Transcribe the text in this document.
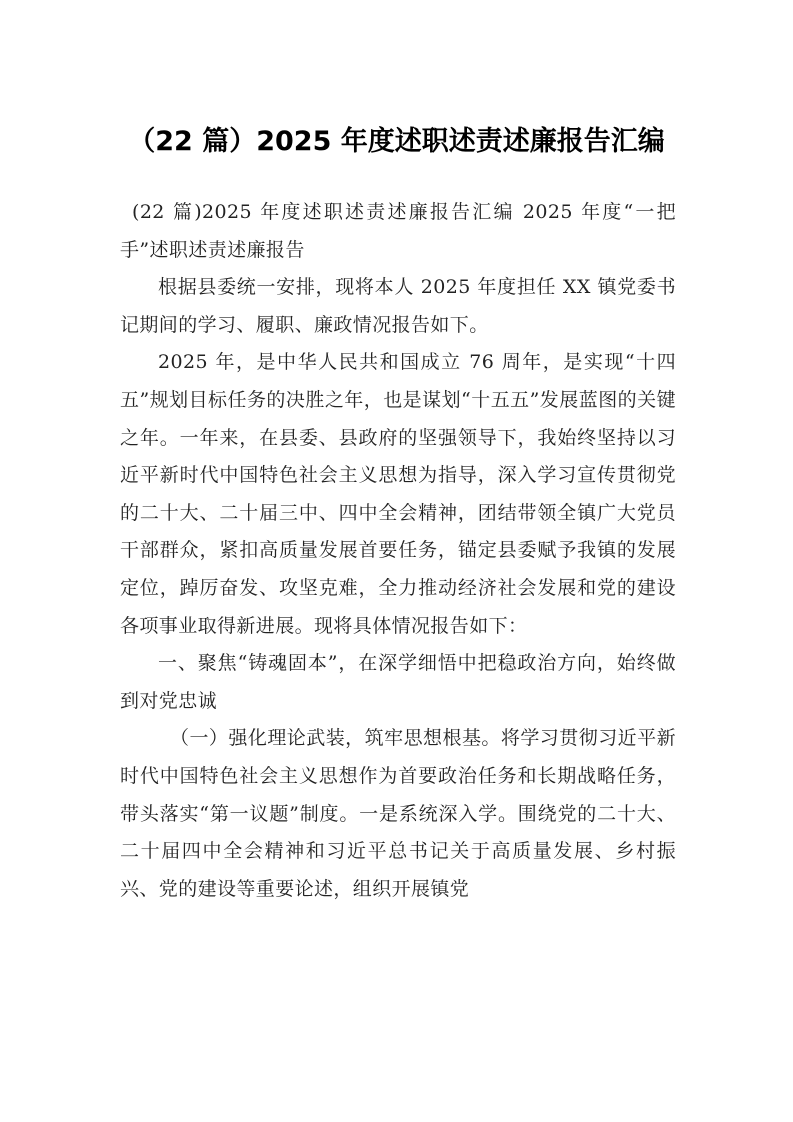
（22 篇）2025 年度述职述责述廉报告汇编

(22 篇)2025 年度述职述责述廉报告汇编 2025 年度“一把手”述职述责述廉报告

根据县委统一安排，现将本人 2025 年度担任 XX 镇党委书记期间的学习、履职、廉政情况报告如下。

2025 年，是中华人民共和国成立 76 周年，是实现“十四五”规划目标任务的决胜之年，也是谋划“十五五”发展蓝图的关键之年。一年来，在县委、县政府的坚强领导下，我始终坚持以习近平新时代中国特色社会主义思想为指导，深入学习宣传贯彻党的二十大、二十届三中、四中全会精神，团结带领全镇广大党员干部群众，紧扣高质量发展首要任务，锚定县委赋予我镇的发展定位，踔厉奋发、攻坚克难，全力推动经济社会发展和党的建设各项事业取得新进展。现将具体情况报告如下：

一、聚焦“铸魂固本”，在深学细悟中把稳政治方向，始终做到对党忠诚

（一）强化理论武装，筑牢思想根基。将学习贯彻习近平新时代中国特色社会主义思想作为首要政治任务和长期战略任务，带头落实“第一议题”制度。一是系统深入学。围绕党的二十大、二十届四中全会精神和习近平总书记关于高质量发展、乡村振兴、党的建设等重要论述，组织开展镇党
